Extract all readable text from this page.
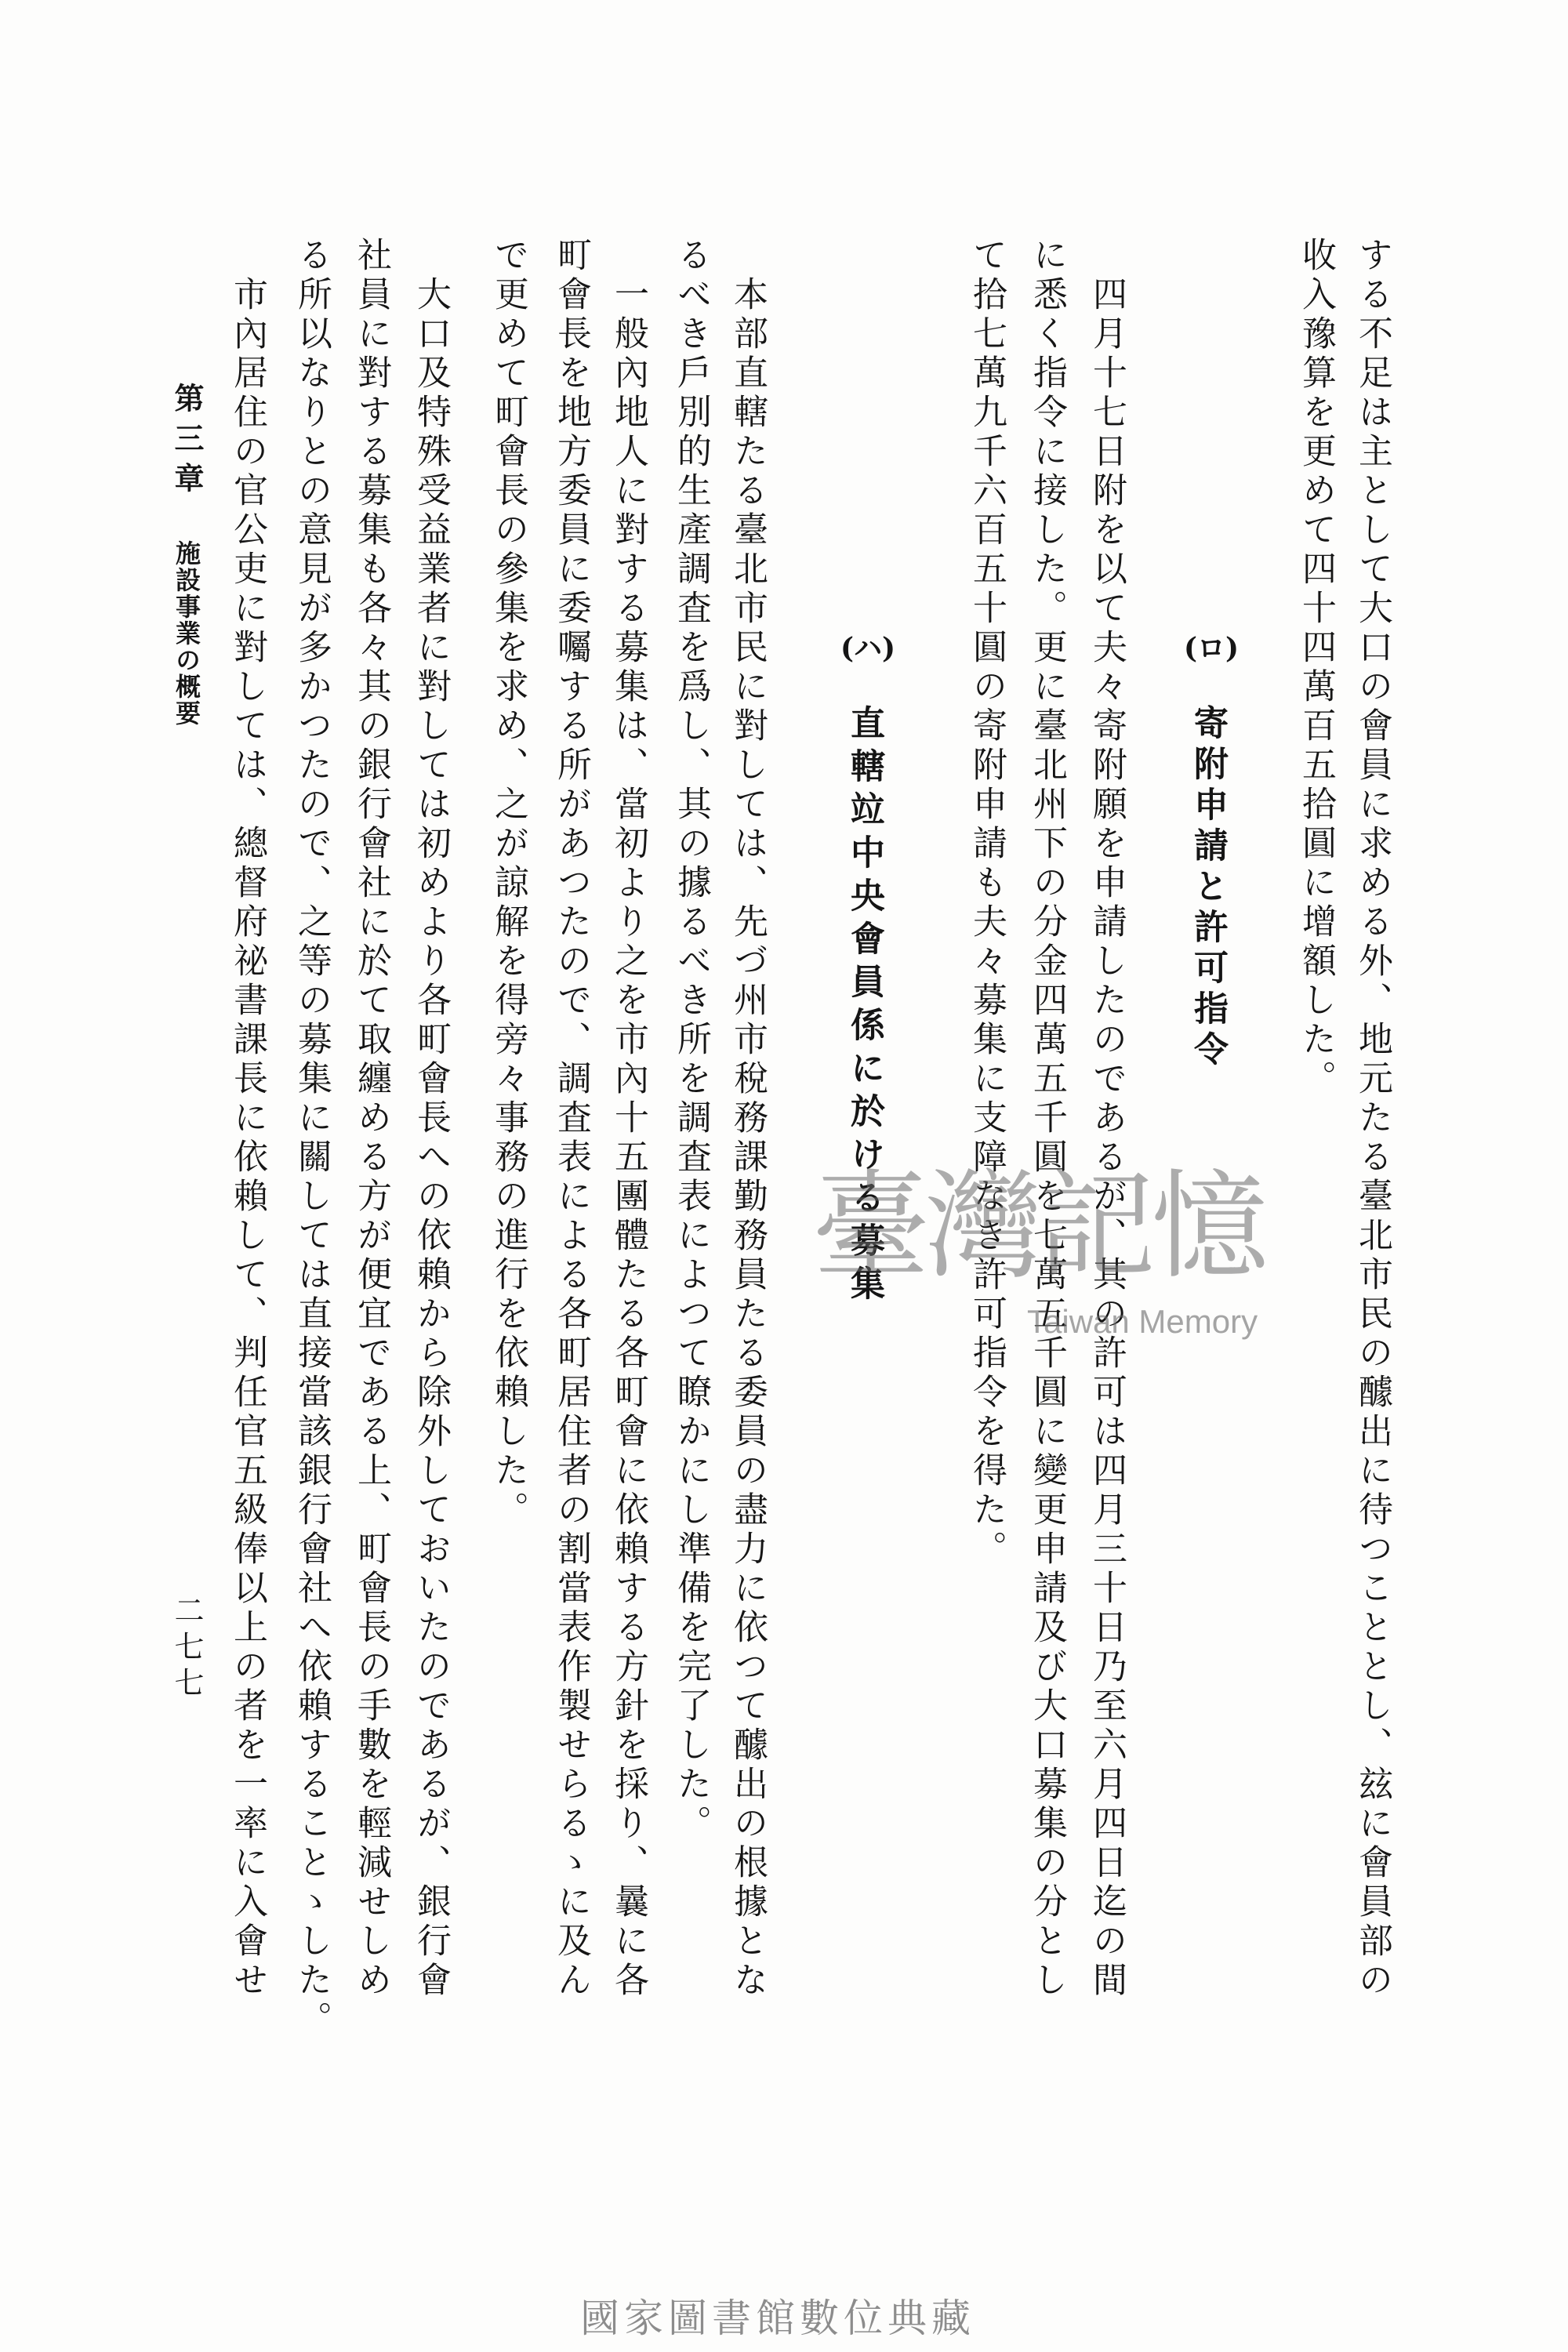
する不足は主として大口の會員に求める外、地元たる臺北市民の醵出に待つこととし、玆に會員部の
收入豫算を更めて四十四萬百五拾圓に增額した。
(ロ)
寄附申請と許可指令
四月十七日附を以て夫々寄附願を申請したのであるが、其の許可は四月三十日乃至六月四日迄の間
に悉く指令に接した。更に臺北州下の分金四萬五千圓を七萬五千圓に變更申請及び大口募集の分とし
て拾七萬九千六百五十圓の寄附申請も夫々募集に支障なき許可指令を得た。
(ハ)
直轄竝中央會員係に於ける募集
本部直轄たる臺北市民に對しては、先づ州市稅務課勤務員たる委員の盡力に依つて醵出の根據とな
るべき戶別的生產調査を爲し、其の據るべき所を調査表によつて瞭かにし準備を完了した。
一般內地人に對する募集は、當初より之を市內十五團體たる各町會に依賴する方針を採り、曩に各
町會長を地方委員に委囑する所があつたので、調査表による各町居住者の割當表作製せらるゝに及ん
で更めて町會長の參集を求め、之が諒解を得旁々事務の進行を依賴した。
大口及特殊受益業者に對しては初めより各町會長への依賴から除外しておいたのであるが、銀行會
社員に對する募集も各々其の銀行會社に於て取纏める方が便宜である上、町會長の手數を輕減せしめ
る所以なりとの意見が多かつたので、之等の募集に關しては直接當該銀行會社へ依賴することゝした。
市內居住の官公吏に對しては、總督府祕書課長に依賴して、判任官五級俸以上の者を一率に入會せ
第三章
施設事業の概要
二七七
臺灣記憶
Taiwan Memory
國家圖書館數位典藏
